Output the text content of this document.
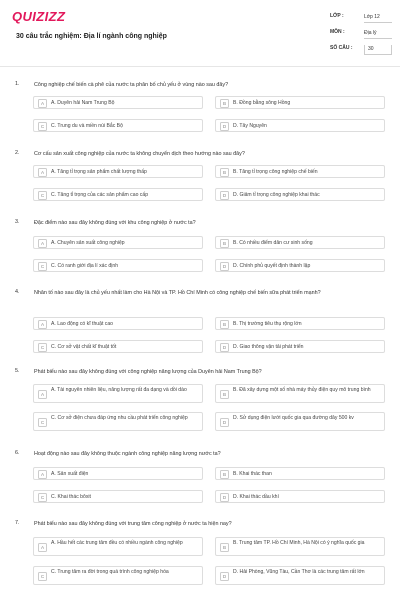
QUIZIZZ
30 câu trắc nghiệm: Địa lí ngành công nghiệp
LỚP :	Lớp 12
MÔN :	Địa lý
SỐ CÂU :	30
1.	Công nghiệp chế biến cà phê của nước ta phân bố chủ yếu ở vùng nào sau đây?
A	A. Duyên hải Nam Trung Bộ	B	B. Đồng bằng sông Hồng
C	C. Trung du và miền núi Bắc Bộ	D	D. Tây Nguyên
2.	Cơ cấu sản xuất công nghiệp của nước ta không chuyển dịch theo hướng nào sau đây?
A	A. Tăng tỉ trọng sản phẩm chất lượng thấp	B	B. Tăng tỉ trọng công nghiệp chế biến
C	C. Tăng tỉ trọng của các sản phẩm cao cấp	D	D. Giảm tỉ trọng công nghiệp khai thác
3.	Đặc điểm nào sau đây không đúng với khu công nghiệp ở nước ta?
A	A. Chuyên sản xuất công nghiệp	B	B. Có nhiều điểm dân cư sinh sống
C	C. Có ranh giới địa lí xác định	D	D. Chính phủ quyết định thành lập
4.	Nhân tố nào sau đây là chủ yếu nhất làm cho Hà Nội và TP. Hồ Chí Minh có công nghiệp chế biến sữa phát triển mạnh?
A	A. Lao động có kĩ thuật cao	B	B. Thị trường tiêu thụ rộng lớn
C	C. Cơ sở vật chất kĩ thuật tốt	D	D. Giao thông vận tải phát triển
5.	Phát biểu nào sau đây không đúng với công nghiệp năng lượng của Duyên hải Nam Trung Bộ?
A
A. Tài nguyên nhiên liệu, năng lượng rất đa dạng và dồi dào
B
B. Đã xây dựng một số nhà máy thủy điện quy mô trung bình
C
C. Cơ sở điện chưa đáp ứng nhu cầu phát triển công nghiệp
D
D. Sử dụng điện lưới quốc gia qua đường dây 500 kv
6.	Hoạt động nào sau đây không thuộc ngành công nghiệp năng lượng nước ta?
A	A. Sản xuất điện	B	B. Khai thác than
C	C. Khai thác bôxit	D	D. Khai thác dầu khí
7.	Phát biểu nào sau đây không đúng với trung tâm công nghiệp ở nước ta hiện nay?
A
A. Hầu hết các trung tâm đều có nhiều ngành công nghiệp
B
B. Trung tâm TP. Hồ Chí Minh, Hà Nội có ý nghĩa quốc gia
C
C. Trung tâm ra đời trong quá trình công nghiệp hóa
D
D. Hải Phòng, Vũng Tàu, Cần Thơ là các trung tâm rất lớn
